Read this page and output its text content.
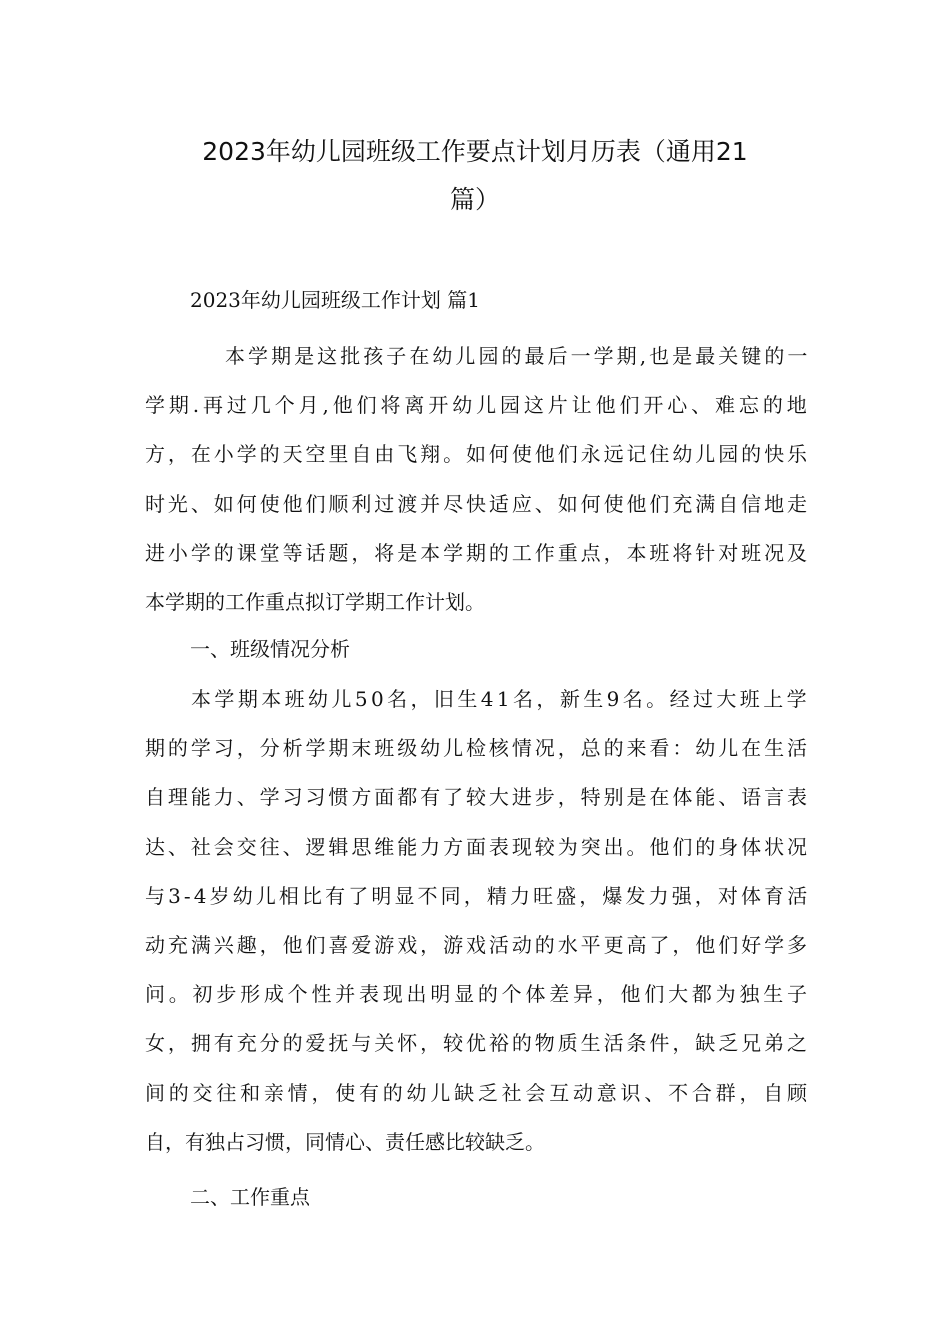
2023年幼儿园班级工作要点计划月历表（通用21
篇）

2023年幼儿园班级工作计划 篇1

本学期是这批孩子在幼儿园的最后一学期,也是最关键的一
学期.再过几个月,他们将离开幼儿园这片让他们开心、难忘的地
方，在小学的天空里自由飞翔。如何使他们永远记住幼儿园的快乐
时光、如何使他们顺利过渡并尽快适应、如何使他们充满自信地走
进小学的课堂等话题，将是本学期的工作重点，本班将针对班况及
本学期的工作重点拟订学期工作计划。
一、班级情况分析
本学期本班幼儿50名，旧生41名，新生9名。经过大班上学
期的学习，分析学期末班级幼儿检核情况，总的来看：幼儿在生活
自理能力、学习习惯方面都有了较大进步，特别是在体能、语言表
达、社会交往、逻辑思维能力方面表现较为突出。他们的身体状况
与3-4岁幼儿相比有了明显不同，精力旺盛，爆发力强，对体育活
动充满兴趣，他们喜爱游戏，游戏活动的水平更高了，他们好学多
问。初步形成个性并表现出明显的个体差异，他们大都为独生子
女，拥有充分的爱抚与关怀，较优裕的物质生活条件，缺乏兄弟之
间的交往和亲情，使有的幼儿缺乏社会互动意识、不合群，自顾
自，有独占习惯，同情心、责任感比较缺乏。
二、工作重点
